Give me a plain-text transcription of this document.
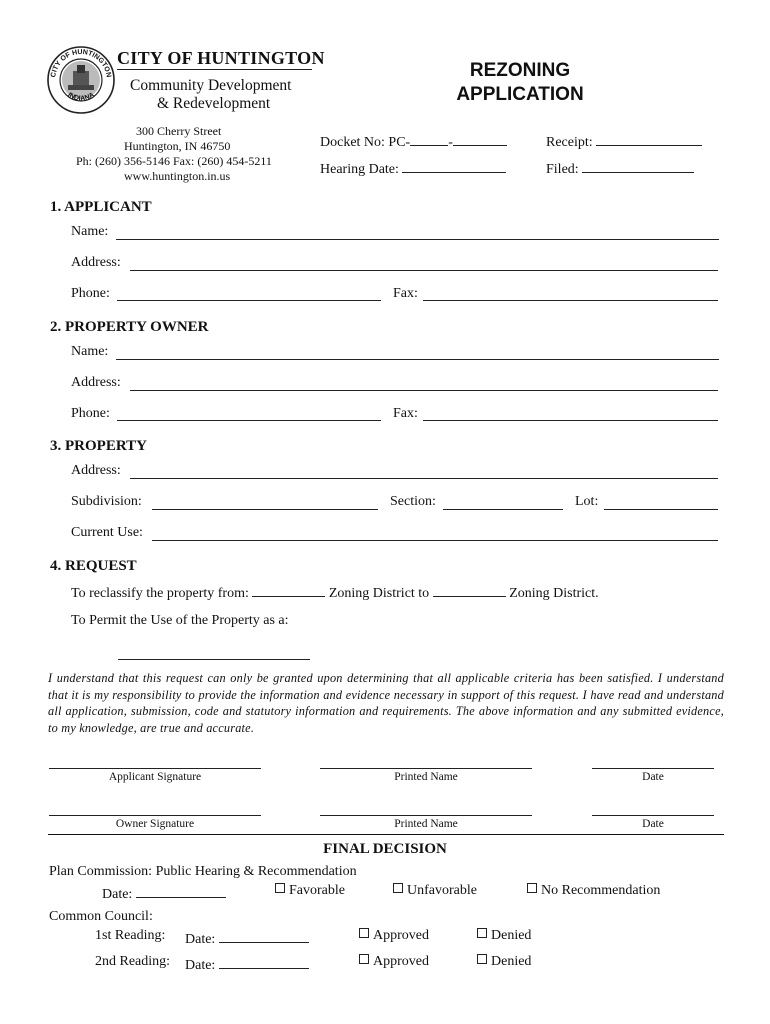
CITY OF HUNTINGTON
INDIANA
CITY OF HUNTINGTON
Community Development
& Redevelopment
300 Cherry Street
Huntington, IN 46750
Ph: (260) 356-5146 Fax: (260) 454-5211
www.huntington.in.us
REZONING
APPLICATION
Docket No: PC-	-	Receipt:
Hearing Date:	Filed:
1. APPLICANT
Name:
Address:
Phone:	Fax:
2. PROPERTY OWNER
Name:
Address:
Phone:	Fax:
3. PROPERTY
Address:
Subdivision:	Section:	Lot:
Current Use:
4. REQUEST
To reclassify the property from:	Zoning District to	Zoning District.
To Permit the Use of the Property as a:
I understand that this request can only be granted upon determining that all applicable criteria has been satisfied. I understand that it is my responsibility to provide the information and evidence necessary in support of this request. I have read and understand all application, submission, code and statutory information and requirements. The above information and any submitted evidence, to my knowledge, are true and accurate.
Applicant Signature	Printed Name	Date
Owner Signature	Printed Name	Date
FINAL DECISION
Plan Commission: Public Hearing & Recommendation
Date:	Favorable	Unfavorable	No Recommendation
Common Council:
1st Reading: Date:	Approved	Denied
2nd Reading: Date:	Approved	Denied
